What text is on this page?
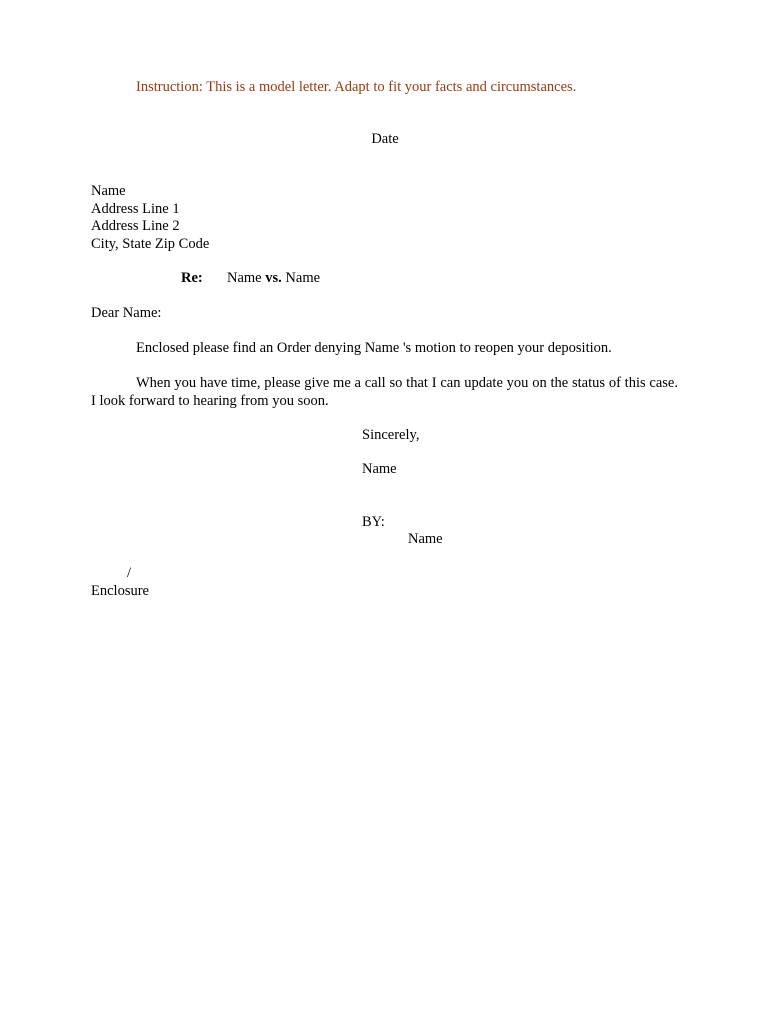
Instruction: This is a model letter. Adapt to fit your facts and circumstances.
Date
Name
Address Line 1
Address Line 2
City, State Zip Code
Re: Name vs. Name
Dear Name:
Enclosed please find an Order denying Name 's motion to reopen your deposition.
When you have time, please give me a call so that I can update you on the status of this case. I look forward to hearing from you soon.
Sincerely,
Name
BY:
Name
/
Enclosure
